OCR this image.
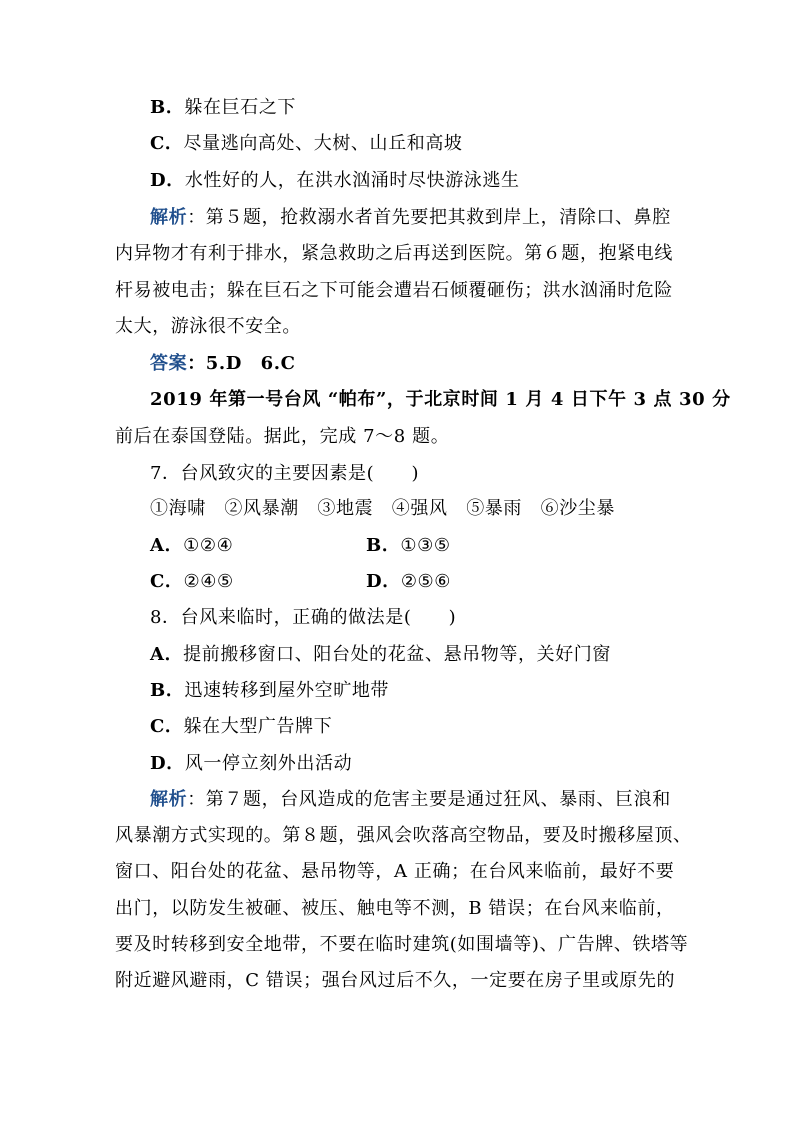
B．躲在巨石之下
C．尽量逃向高处、大树、山丘和高坡
D．水性好的人，在洪水汹涌时尽快游泳逃生
解析：第５题，抢救溺水者首先要把其救到岸上，清除口、鼻腔
内异物才有利于排水，紧急救助之后再送到医院。第６题，抱紧电线
杆易被电击；躲在巨石之下可能会遭岩石倾覆砸伤；洪水汹涌时危险
太大，游泳很不安全。
答案：5.D　6.C
2019 年第一号台风 “帕布”，于北京时间 1 月 4 日下午 3 点 30 分
前后在泰国登陆。据此，完成 7～8 题。
7．台风致灾的主要因素是(　　)
①海啸　②风暴潮　③地震　④强风　⑤暴雨　⑥沙尘暴
A．①②④	B．①③⑤
C．②④⑤	D．②⑤⑥
8．台风来临时，正确的做法是(　　)
A．提前搬移窗口、阳台处的花盆、悬吊物等，关好门窗
B．迅速转移到屋外空旷地带
C．躲在大型广告牌下
D．风一停立刻外出活动
解析：第７题，台风造成的危害主要是通过狂风、暴雨、巨浪和
风暴潮方式实现的。第８题，强风会吹落高空物品，要及时搬移屋顶、
窗口、阳台处的花盆、悬吊物等，A 正确；在台风来临前，最好不要
出门，以防发生被砸、被压、触电等不测，B 错误；在台风来临前，
要及时转移到安全地带，不要在临时建筑(如围墙等)、广告牌、铁塔等
附近避风避雨，C 错误；强台风过后不久，一定要在房子里或原先的
